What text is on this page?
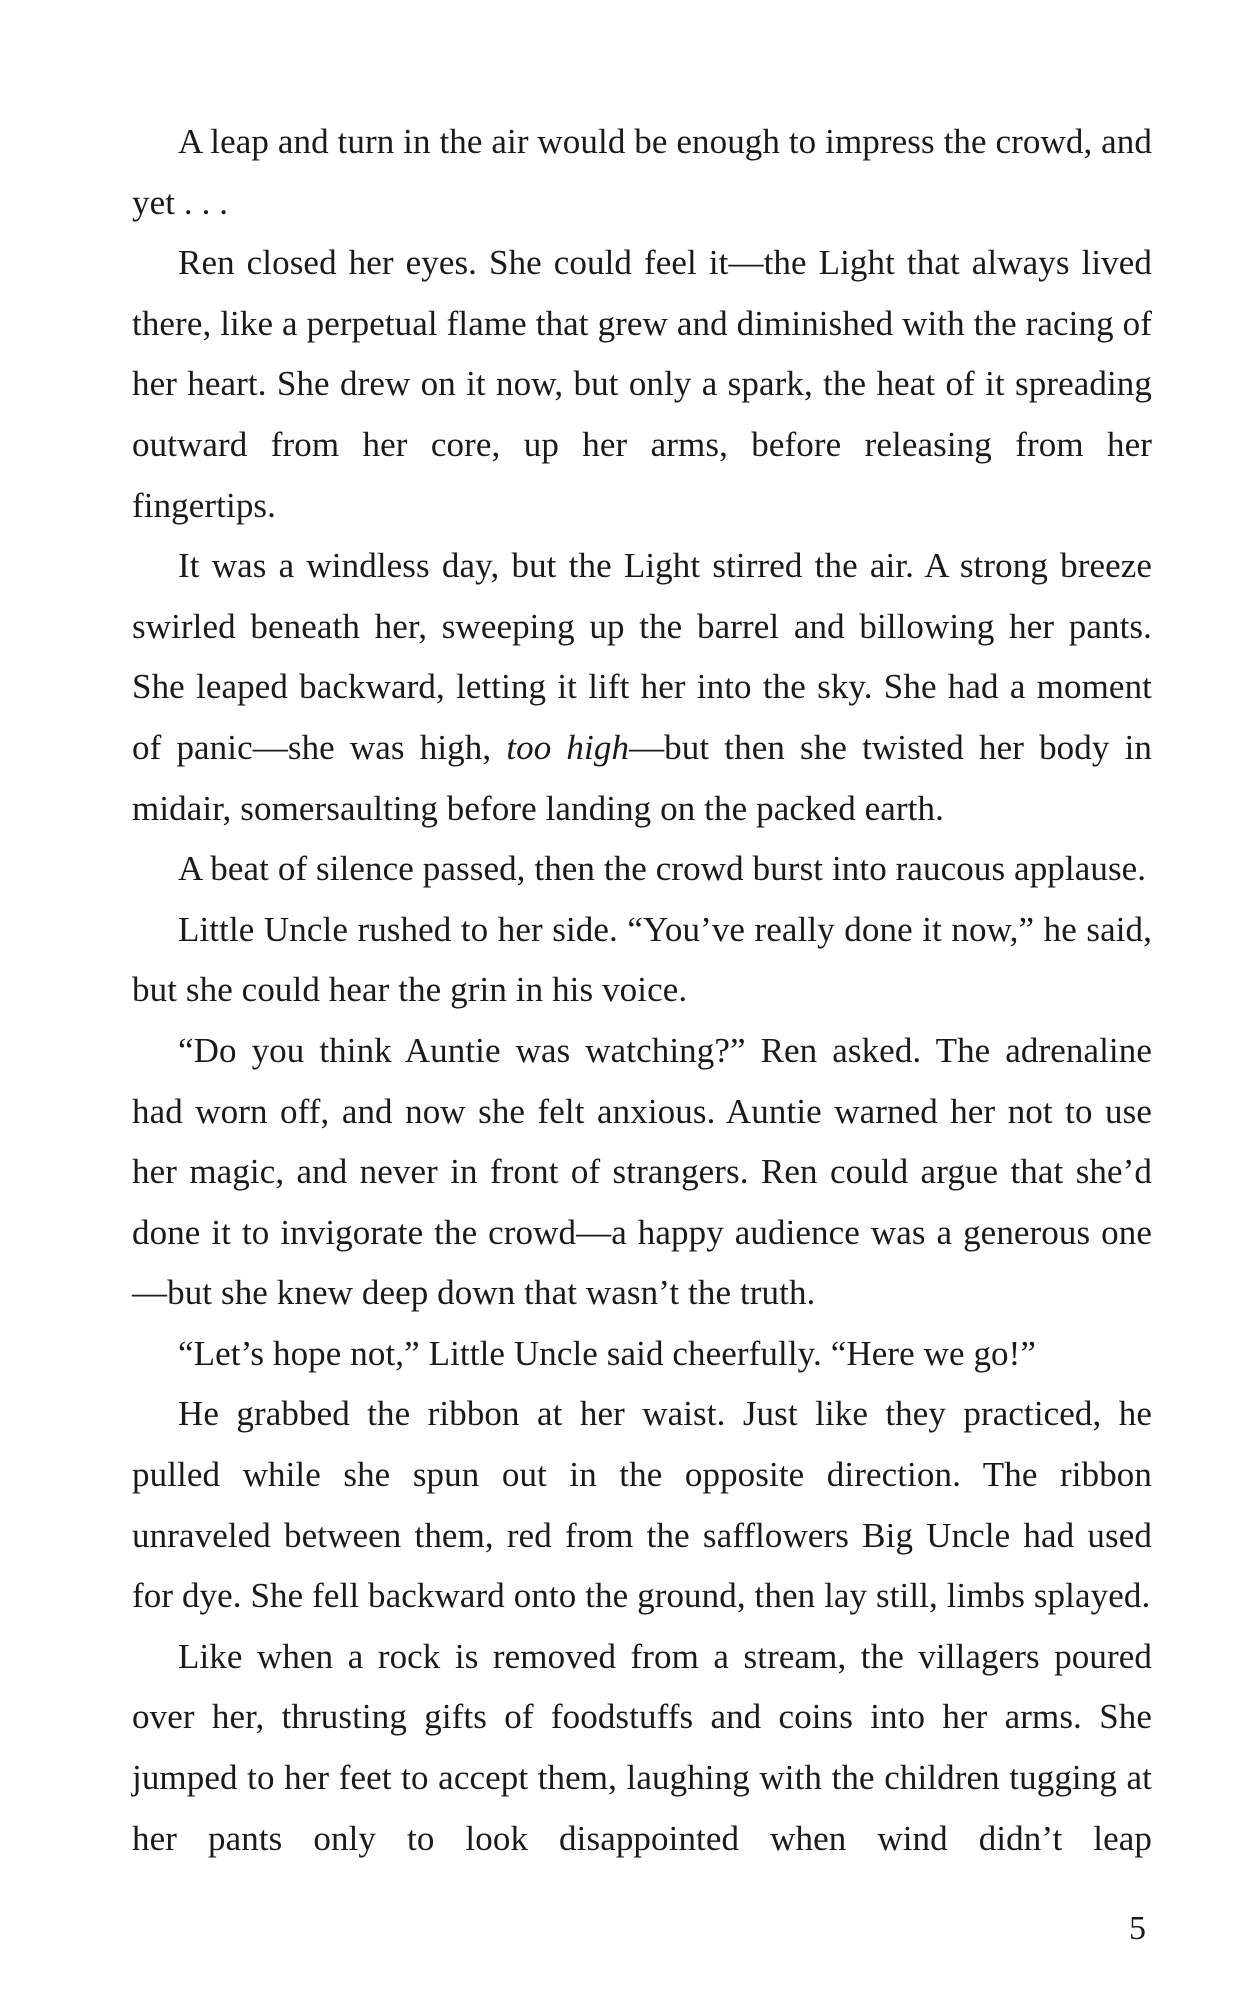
A leap and turn in the air would be enough to impress the crowd, and yet . . .

Ren closed her eyes. She could feel it—the Light that always lived there, like a perpetual flame that grew and diminished with the racing of her heart. She drew on it now, but only a spark, the heat of it spreading outward from her core, up her arms, before releasing from her fingertips.

It was a windless day, but the Light stirred the air. A strong breeze swirled beneath her, sweeping up the barrel and billowing her pants. She leaped backward, letting it lift her into the sky. She had a moment of panic—she was high, too high—but then she twisted her body in midair, somersaulting before landing on the packed earth.

A beat of silence passed, then the crowd burst into raucous applause.

Little Uncle rushed to her side. “You’ve really done it now,” he said, but she could hear the grin in his voice.

“Do you think Auntie was watching?” Ren asked. The adrenaline had worn off, and now she felt anxious. Auntie warned her not to use her magic, and never in front of strangers. Ren could argue that she’d done it to invigorate the crowd—a happy audience was a generous one—but she knew deep down that wasn’t the truth.

“Let’s hope not,” Little Uncle said cheerfully. “Here we go!”

He grabbed the ribbon at her waist. Just like they practiced, he pulled while she spun out in the opposite direction. The ribbon unraveled between them, red from the safflowers Big Uncle had used for dye. She fell backward onto the ground, then lay still, limbs splayed.

Like when a rock is removed from a stream, the villagers poured over her, thrusting gifts of foodstuffs and coins into her arms. She jumped to her feet to accept them, laughing with the children tugging at her pants only to look disappointed when wind didn’t leap

5
